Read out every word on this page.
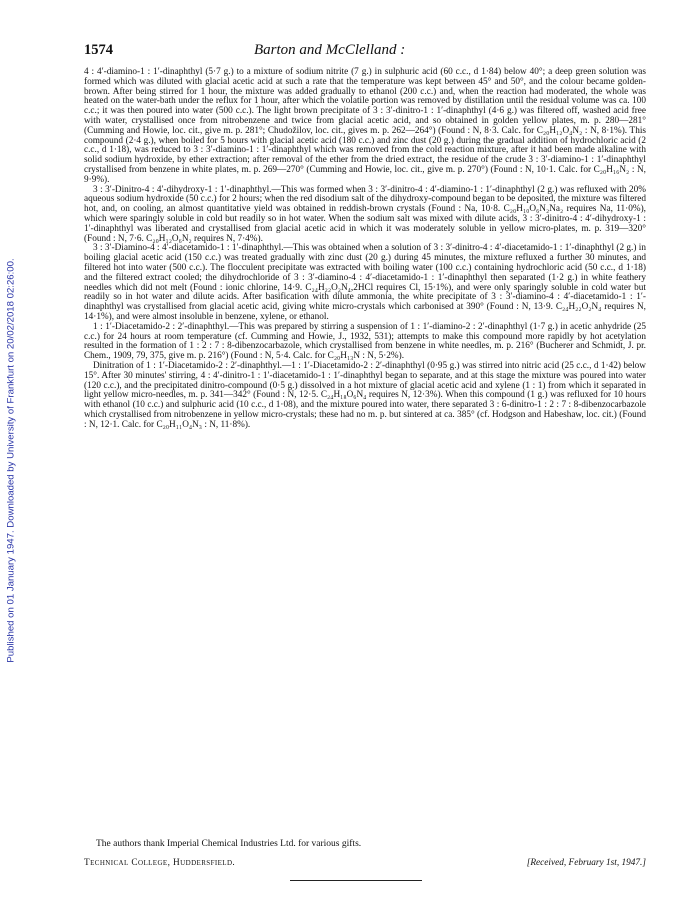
Published on 01 January 1947. Downloaded by University of Frankfurt on 20/02/2018 02:26:00.
1574	Barton and McClelland :

4 : 4′-diamino-1 : 1′-dinaphthyl (5·7 g.) to a mixture of sodium nitrite (7 g.) in sulphuric acid (60 c.c., d 1·84) below 40°; a deep green solution was formed which was diluted with glacial acetic acid at such a rate that the temperature was kept between 45° and 50°, and the colour became golden-brown. After being stirred for 1 hour, the mixture was added gradually to ethanol (200 c.c.) and, when the reaction had moderated, the whole was heated on the water-bath under the reflux for 1 hour, after which the volatile portion was removed by distillation until the residual volume was ca. 100 c.c.; it was then poured into water (500 c.c.). The light brown precipitate of 3 : 3′-dinitro-1 : 1′-dinaphthyl (4·6 g.) was filtered off, washed acid free with water, crystallised once from nitrobenzene and twice from glacial acetic acid, and so obtained in golden yellow plates, m. p. 280—281° (Cumming and Howie, loc. cit., give m. p. 281°; Chudožilov, loc. cit., gives m. p. 262—264°) (Found : N, 8·3. Calc. for C₂₀H₁₂O₄N₂ : N, 8·1%). This compound (2·4 g.), when boiled for 5 hours with glacial acetic acid (180 c.c.) and zinc dust (20 g.) during the gradual addition of hydrochloric acid (2 c.c., d 1·18), was reduced to 3 : 3′-diamino-1 : 1′-dinaphthyl which was removed from the cold reaction mixture, after it had been made alkaline with solid sodium hydroxide, by ether extraction; after removal of the ether from the dried extract, the residue of the crude 3 : 3′-diamino-1 : 1′-dinaphthyl crystallised from benzene in white plates, m. p. 269—270° (Cumming and Howie, loc. cit., give m. p. 270°) (Found : N, 10·1. Calc. for C₂₀H₁₆N₂ : N, 9·9%).

3 : 3′-Dinitro-4 : 4′-dihydroxy-1 : 1′-dinaphthyl.—This was formed when 3 : 3′-dinitro-4 : 4′-diamino-1 : 1′-dinaphthyl (2 g.) was refluxed with 20% aqueous sodium hydroxide (50 c.c.) for 2 hours; when the red disodium salt of the dihydroxy-compound began to be deposited, the mixture was filtered hot, and, on cooling, an almost quantitative yield was obtained in reddish-brown crystals (Found : Na, 10·8. C₂₀H₁₀O₆N₂Na₂ requires Na, 11·0%), which were sparingly soluble in cold but readily so in hot water. When the sodium salt was mixed with dilute acids, 3 : 3′-dinitro-4 : 4′-dihydroxy-1 : 1′-dinaphthyl was liberated and crystallised from glacial acetic acid in which it was moderately soluble in yellow micro-plates, m. p. 319—320° (Found : N, 7·6. C₂₀H₁₂O₆N₂ requires N, 7·4%).

3 : 3′-Diamino-4 : 4′-diacetamido-1 : 1′-dinaphthyl.—This was obtained when a solution of 3 : 3′-dinitro-4 : 4′-diacetamido-1 : 1′-dinaphthyl (2 g.) in boiling glacial acetic acid (150 c.c.) was treated gradually with zinc dust (20 g.) during 45 minutes, the mixture refluxed a further 30 minutes, and filtered hot into water (500 c.c.). The flocculent precipitate was extracted with boiling water (100 c.c.) containing hydrochloric acid (50 c.c., d 1·18) and the filtered extract cooled; the dihydrochloride of 3 : 3′-diamino-4 : 4′-diacetamido-1 : 1′-dinaphthyl then separated (1·2 g.) in white feathery needles which did not melt (Found : ionic chlorine, 14·9. C₂₄H₂₂O₂N₄,2HCl requires Cl, 15·1%), and were only sparingly soluble in cold water but readily so in hot water and dilute acids. After basification with dilute ammonia, the white precipitate of 3 : 3′-diamino-4 : 4′-diacetamido-1 : 1′-dinaphthyl was crystallised from glacial acetic acid, giving white micro-crystals which carbonised at 390° (Found : N, 13·9. C₂₄H₂₂O₂N₄ requires N, 14·1%), and were almost insoluble in benzene, xylene, or ethanol.

1 : 1′-Diacetamido-2 : 2′-dinaphthyl.—This was prepared by stirring a suspension of 1 : 1′-diamino-2 : 2′-dinaphthyl (1·7 g.) in acetic anhydride (25 c.c.) for 24 hours at room temperature (cf. Cumming and Howie, J., 1932, 531); attempts to make this compound more rapidly by hot acetylation resulted in the formation of 1 : 2 : 7 : 8-dibenzocarbazole, which crystallised from benzene in white needles, m. p. 216° (Bucherer and Schmidt, J. pr. Chem., 1909, 79, 375, give m. p. 216°) (Found : N, 5·4. Calc. for C₂₀H₁₃N : N, 5·2%).

Dinitration of 1 : 1′-Diacetamido-2 : 2′-dinaphthyl.—1 : 1′-Diacetamido-2 : 2′-dinaphthyl (0·95 g.) was stirred into nitric acid (25 c.c., d 1·42) below 15°. After 30 minutes' stirring, 4 : 4′-dinitro-1 : 1′-diacetamido-1 : 1′-dinaphthyl began to separate, and at this stage the mixture was poured into water (120 c.c.), and the precipitated dinitro-compound (0·5 g.) dissolved in a hot mixture of glacial acetic acid and xylene (1 : 1) from which it separated in light yellow micro-needles, m. p. 341—342° (Found : N, 12·5. C₂₄H₁₈O₆N₄ requires N, 12·3%). When this compound (1 g.) was refluxed for 10 hours with ethanol (10 c.c.) and sulphuric acid (10 c.c., d 1·08), and the mixture poured into water, there separated 3 : 6-dinitro-1 : 2 : 7 : 8-dibenzocarbazole which crystallised from nitrobenzene in yellow micro-crystals; these had no m. p. but sintered at ca. 385° (cf. Hodgson and Habeshaw, loc. cit.) (Found : N, 12·1. Calc. for C₂₀H₁₁O₄N₃ : N, 11·8%).

The authors thank Imperial Chemical Industries Ltd. for various gifts.
Technical College, Huddersfield.	[Received, February 1st, 1947.]
